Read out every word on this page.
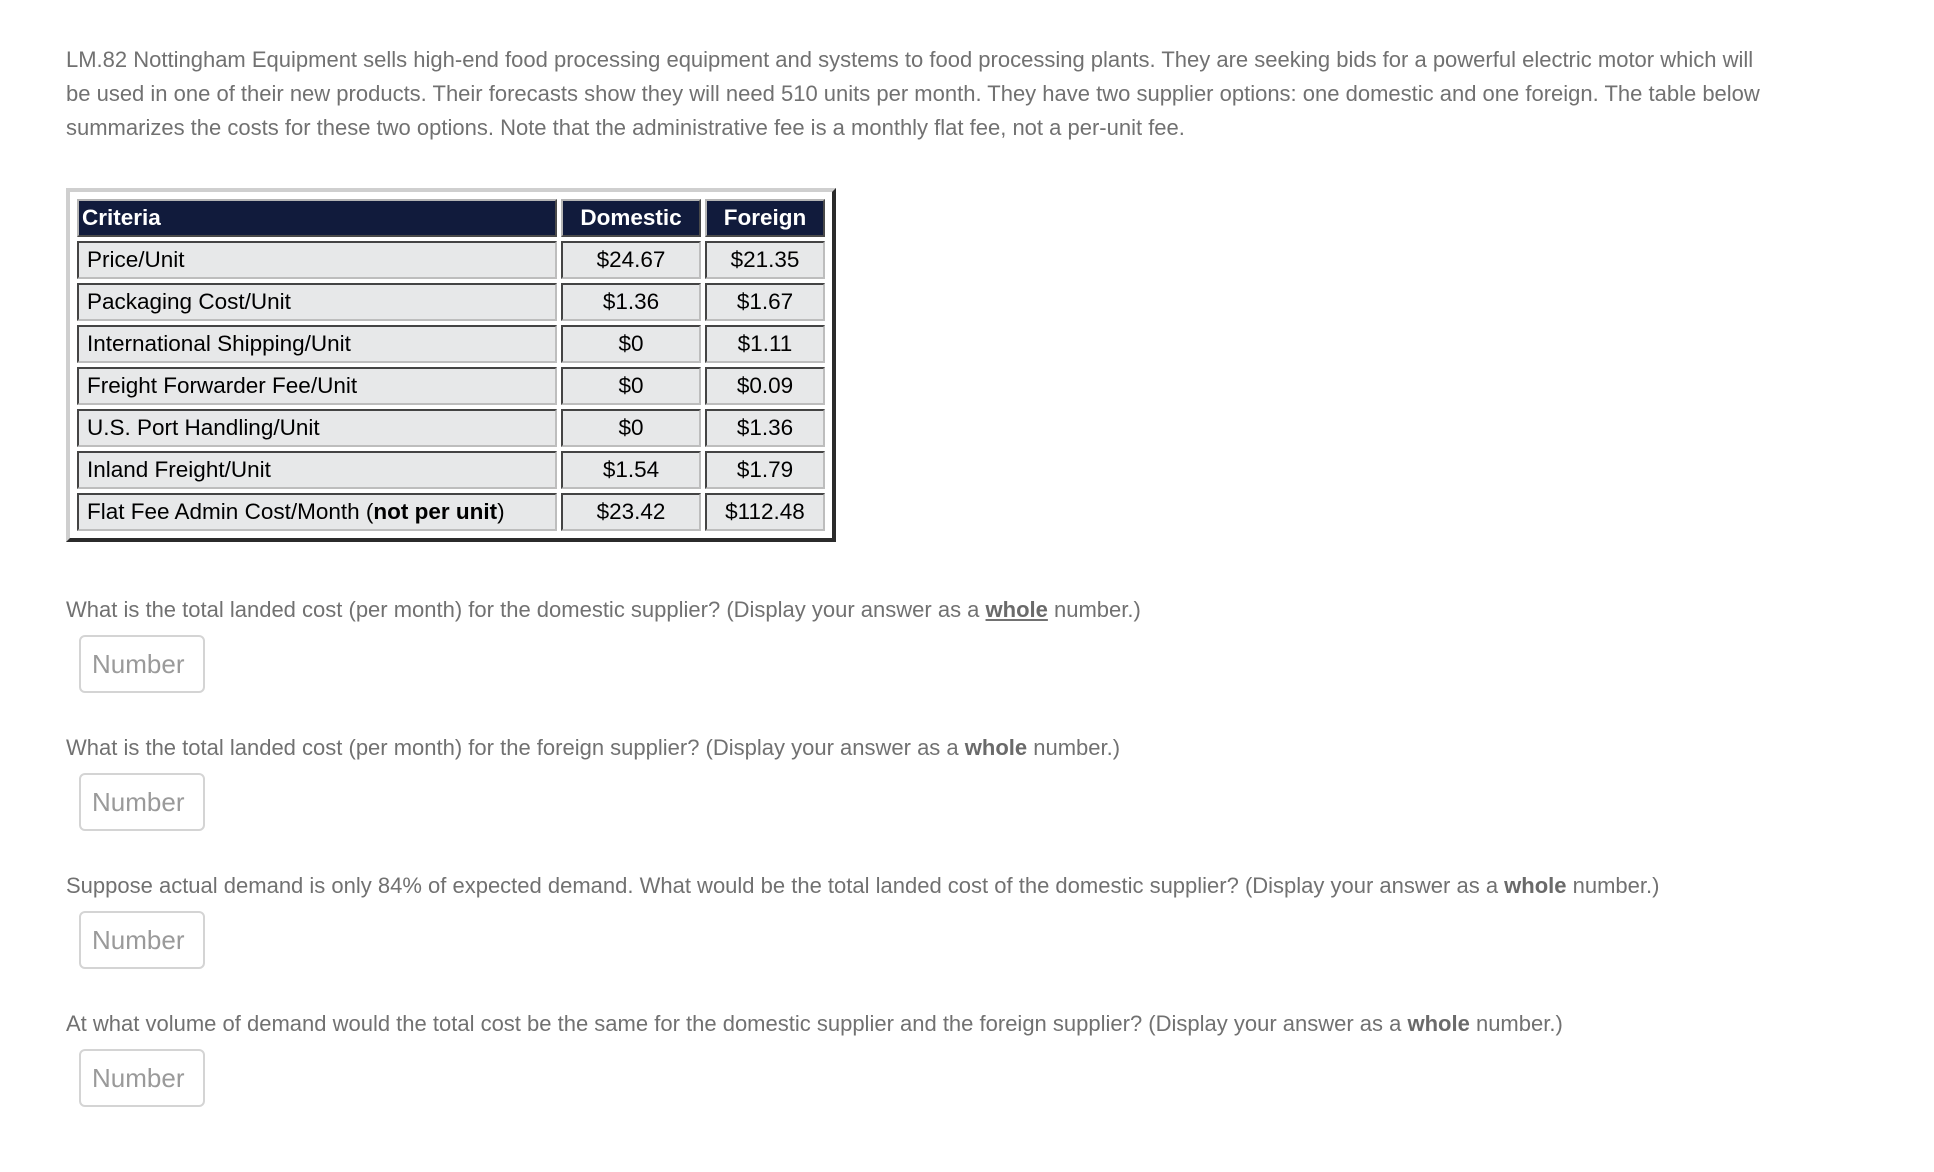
LM.82 Nottingham Equipment sells high-end food processing equipment and systems to food processing plants. They are seeking bids for a powerful electric motor which will be used in one of their new products. Their forecasts show they will need 510 units per month. They have two supplier options: one domestic and one foreign. The table below summarizes the costs for these two options. Note that the administrative fee is a monthly flat fee, not a per-unit fee.

Criteria	Domestic	Foreign
Price/Unit	$24.67	$21.35
Packaging Cost/Unit	$1.36	$1.67
International Shipping/Unit	$0	$1.11
Freight Forwarder Fee/Unit	$0	$0.09
U.S. Port Handling/Unit	$0	$1.36
Inland Freight/Unit	$1.54	$1.79
Flat Fee Admin Cost/Month (not per unit)	$23.42	$112.48

What is the total landed cost (per month) for the domestic supplier? (Display your answer as a whole number.)

Number

What is the total landed cost (per month) for the foreign supplier? (Display your answer as a whole number.)

Number

Suppose actual demand is only 84% of expected demand. What would be the total landed cost of the domestic supplier? (Display your answer as a whole number.)

Number

At what volume of demand would the total cost be the same for the domestic supplier and the foreign supplier? (Display your answer as a whole number.)

Number
